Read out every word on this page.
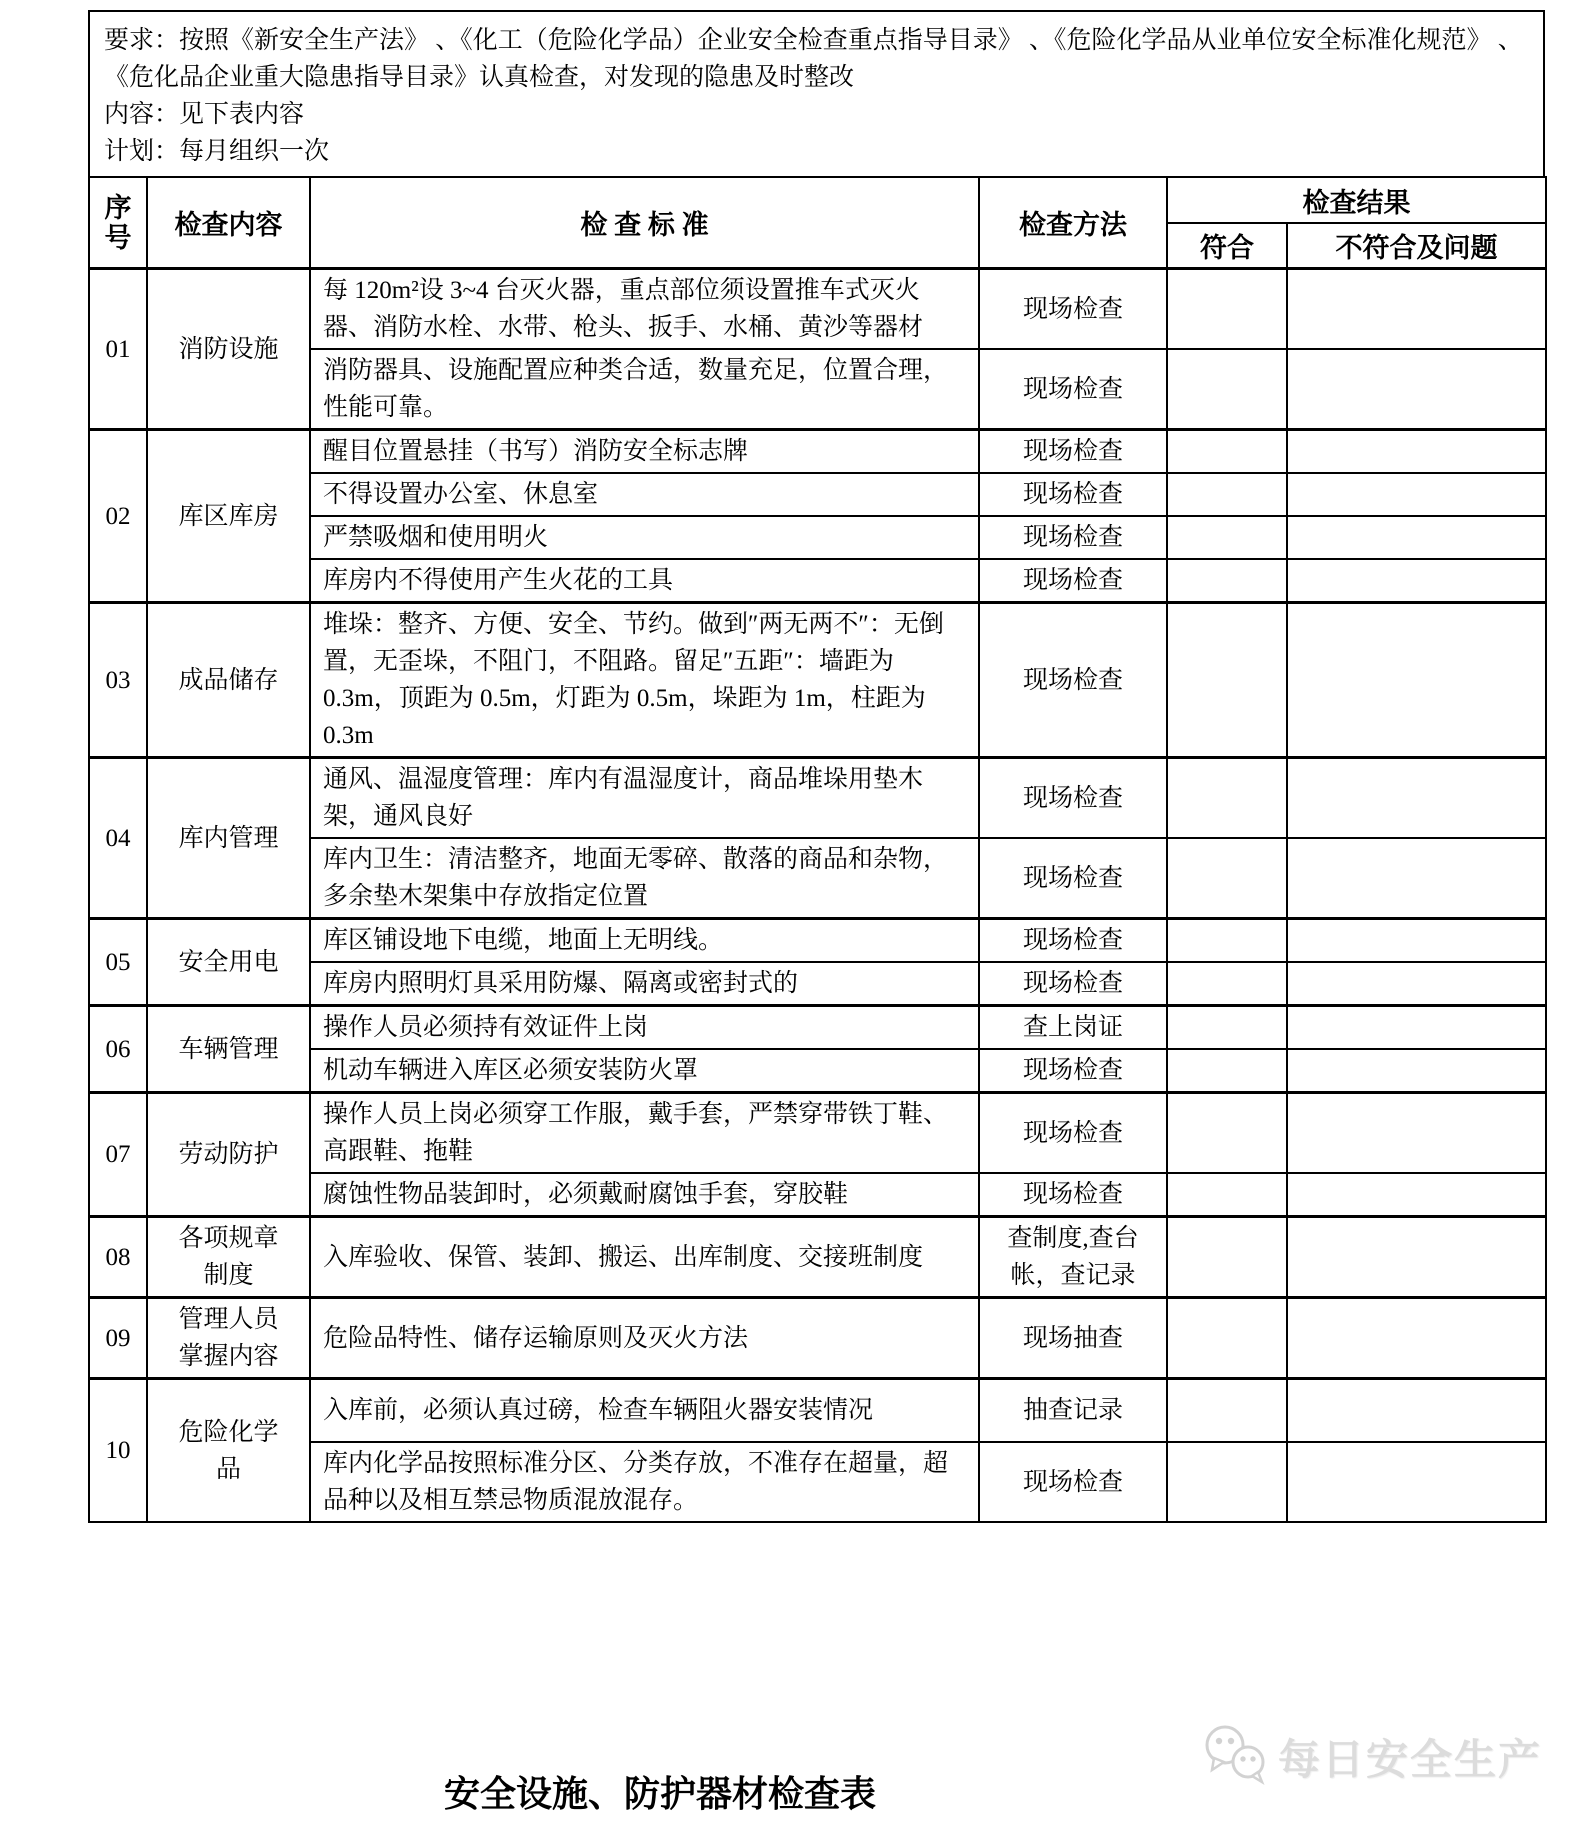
要求：按照《新安全生产法》 、《化工（危险化学品）企业安全检查重点指导目录》 、《危险化学品从业单位安全标准化规范》 、《危化品企业重大隐患指导目录》认真检查，对发现的隐患及时整改

内容：见下表内容

计划：每月组织一次

序号	检查内容	检 查 标 准	检查方法	检查结果	
				符合	不符合及问题
01	消防设施	每 120m²设 3~4 台灭火器，重点部位须设置推车式灭火器、消防水栓、水带、枪头、扳手、水桶、黄沙等器材	现场检查		
		消防器具、设施配置应种类合适，数量充足，位置合理，性能可靠。	现场检查		
02	库区库房	醒目位置悬挂（书写）消防安全标志牌	现场检查		
		不得设置办公室、休息室	现场检查		
		严禁吸烟和使用明火	现场检查		
		库房内不得使用产生火花的工具	现场检查		
03	成品储存	堆垛：整齐、方便、安全、节约。做到″两无两不″：无倒置，无歪垛，不阻门，不阻路。留足″五距″：墙距为 0.3m，顶距为 0.5m，灯距为 0.5m，垛距为 1m，柱距为 0.3m	现场检查		
04	库内管理	通风、温湿度管理：库内有温湿度计，商品堆垛用垫木架，通风良好	现场检查		
		库内卫生：清洁整齐，地面无零碎、散落的商品和杂物，多余垫木架集中存放指定位置	现场检查		
05	安全用电	库区铺设地下电缆，地面上无明线。	现场检查		
		库房内照明灯具采用防爆、隔离或密封式的	现场检查		
06	车辆管理	操作人员必须持有效证件上岗	查上岗证		
		机动车辆进入库区必须安装防火罩	现场检查		
07	劳动防护	操作人员上岗必须穿工作服，戴手套，严禁穿带铁丁鞋、高跟鞋、拖鞋	现场检查		
		腐蚀性物品装卸时，必须戴耐腐蚀手套，穿胶鞋	现场检查		
08	各项规章制度	入库验收、保管、装卸、搬运、出库制度、交接班制度	查制度,查台帐，查记录		
09	管理人员掌握内容	危险品特性、储存运输原则及灭火方法	现场抽查		
10	危险化学品	入库前，必须认真过磅，检查车辆阻火器安装情况	抽查记录		
		库内化学品按照标准分区、分类存放，不准存在超量，超品种以及相互禁忌物质混放混存。	现场检查		
每日安全生产
安全设施、防护器材检查表
